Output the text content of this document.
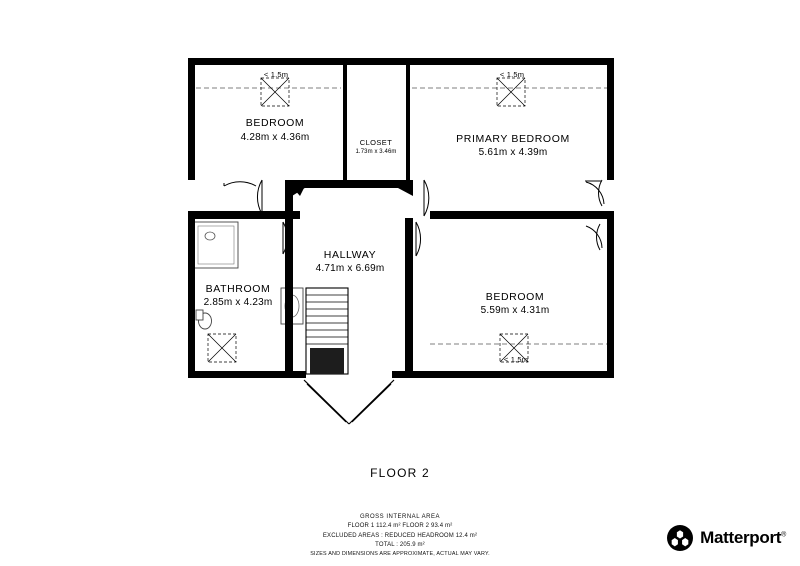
BEDROOM
4.28m x 4.36m
< 1.5m
CLOSET
1.73m x 3.46m
PRIMARY BEDROOM
5.61m x 4.39m
< 1.5m
HALLWAY
4.71m x 6.69m
BATHROOM
2.85m x 4.23m	BEDROOM
5.59m x 4.31m
< 1.5m
FLOOR 2
GROSS INTERNAL AREA
FLOOR 1 112.4 m² FLOOR 2 93.4 m²
EXCLUDED AREAS : REDUCED HEADROOM 12.4 m²
TOTAL : 205.9 m²
SIZES AND DIMENSIONS ARE APPROXIMATE, ACTUAL MAY VARY.
Matterport®
